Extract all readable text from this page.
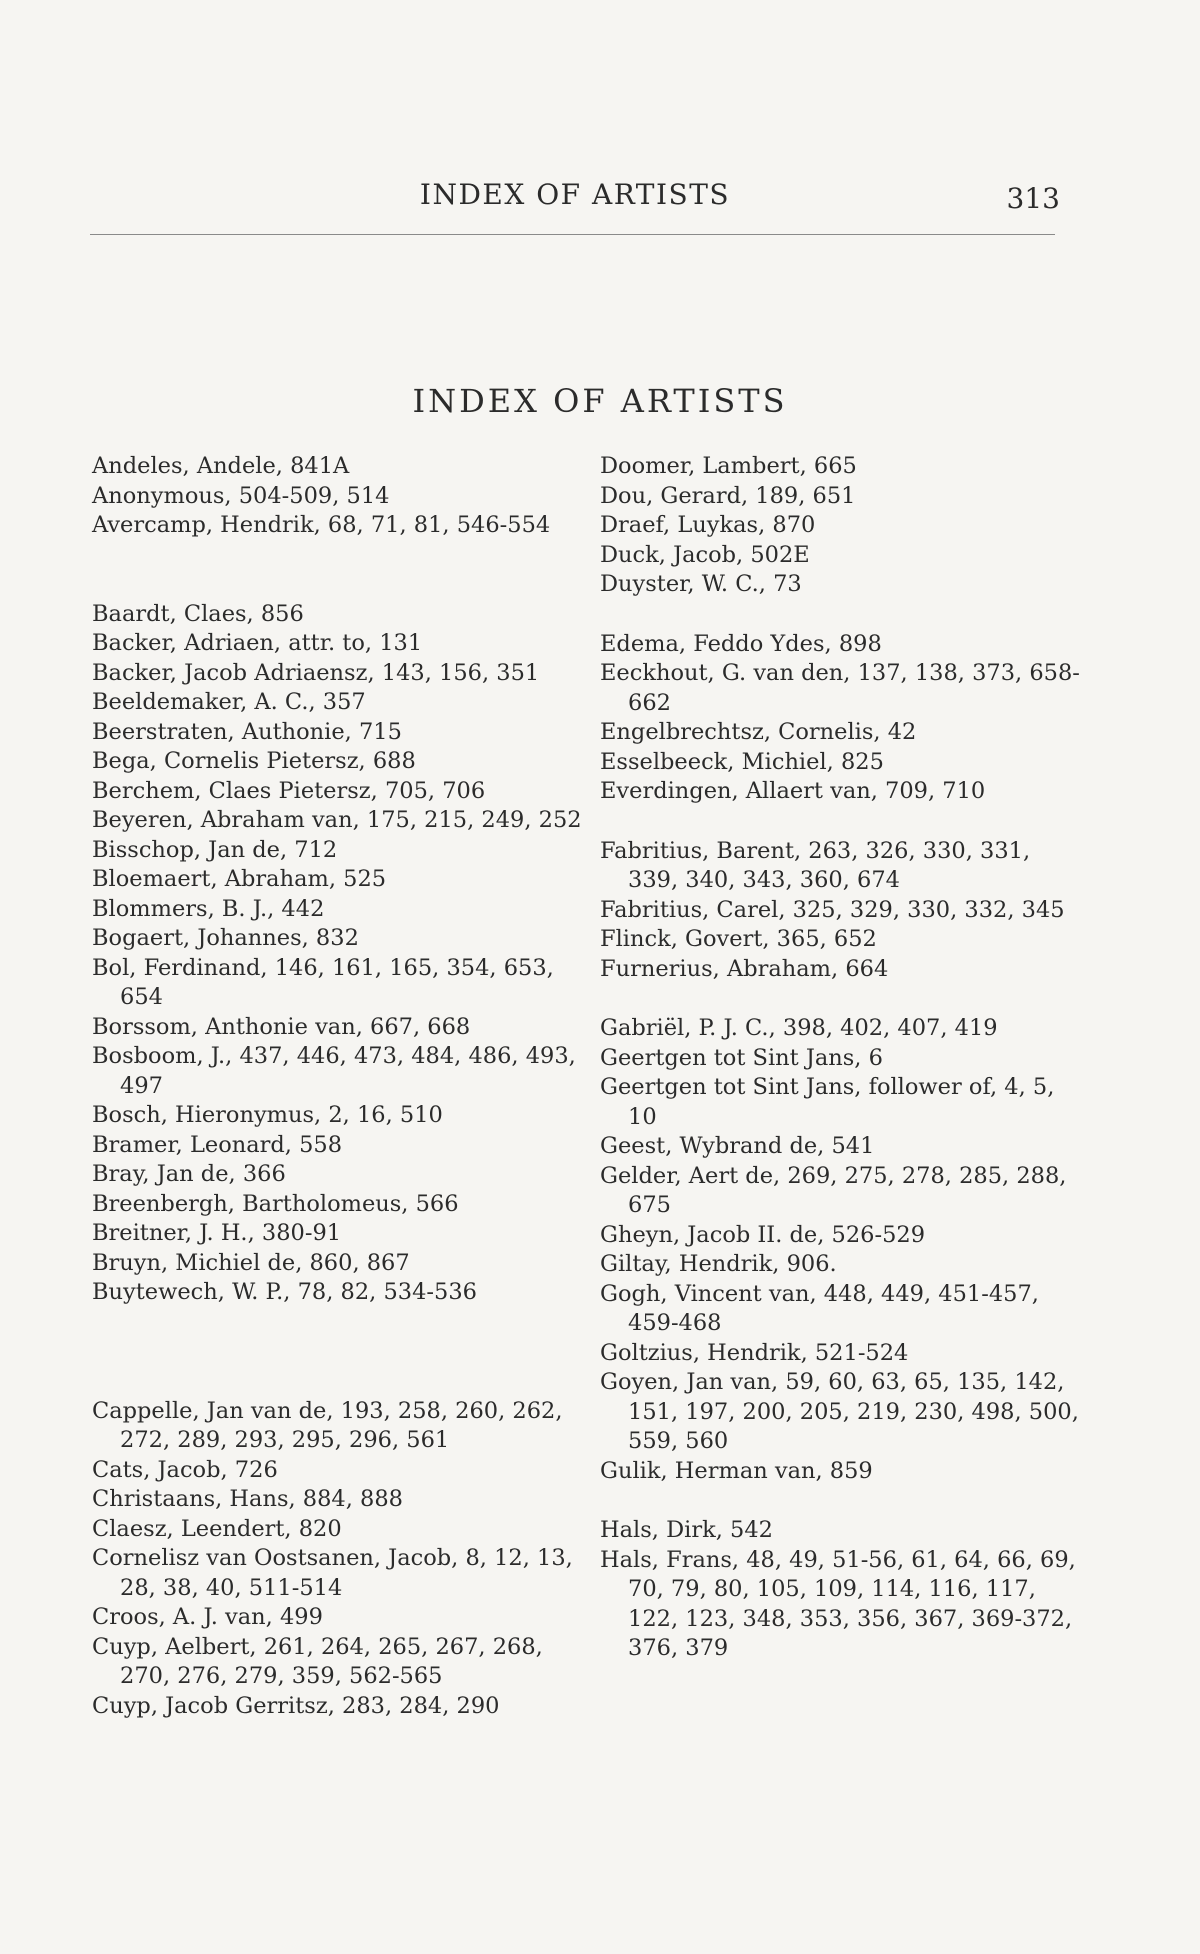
INDEX OF ARTISTS	313
INDEX OF ARTISTS

Andeles, Andele, 841A

Anonymous, 504-509, 514

Avercamp, Hendrik, 68, 71, 81, 546-554

Baardt, Claes, 856

Backer, Adriaen, attr. to, 131

Backer, Jacob Adriaensz, 143, 156, 351

Beeldemaker, A. C., 357

Beerstraten, Authonie, 715

Bega, Cornelis Pietersz, 688

Berchem, Claes Pietersz, 705, 706

Beyeren, Abraham van, 175, 215, 249, 252

Bisschop, Jan de, 712

Bloemaert, Abraham, 525

Blommers, B. J., 442

Bogaert, Johannes, 832

Bol, Ferdinand, 146, 161, 165, 354, 653, 654

Borssom, Anthonie van, 667, 668

Bosboom, J., 437, 446, 473, 484, 486, 493, 497

Bosch, Hieronymus, 2, 16, 510

Bramer, Leonard, 558

Bray, Jan de, 366

Breenbergh, Bartholomeus, 566

Breitner, J. H., 380-91

Bruyn, Michiel de, 860, 867

Buytewech, W. P., 78, 82, 534-536

Cappelle, Jan van de, 193, 258, 260, 262, 272, 289, 293, 295, 296, 561

Cats, Jacob, 726

Christaans, Hans, 884, 888

Claesz, Leendert, 820

Cornelisz van Oostsanen, Jacob, 8, 12, 13, 28, 38, 40, 511-514

Croos, A. J. van, 499

Cuyp, Aelbert, 261, 264, 265, 267, 268, 270, 276, 279, 359, 562-565

Cuyp, Jacob Gerritsz, 283, 284, 290

Doomer, Lambert, 665

Dou, Gerard, 189, 651

Draef, Luykas, 870

Duck, Jacob, 502E

Duyster, W. C., 73

Edema, Feddo Ydes, 898

Eeckhout, G. van den, 137, 138, 373, 658-662

Engelbrechtsz, Cornelis, 42

Esselbeeck, Michiel, 825

Everdingen, Allaert van, 709, 710

Fabritius, Barent, 263, 326, 330, 331, 339, 340, 343, 360, 674

Fabritius, Carel, 325, 329, 330, 332, 345

Flinck, Govert, 365, 652

Furnerius, Abraham, 664

Gabriël, P. J. C., 398, 402, 407, 419

Geertgen tot Sint Jans, 6

Geertgen tot Sint Jans, follower of, 4, 5, 10

Geest, Wybrand de, 541

Gelder, Aert de, 269, 275, 278, 285, 288, 675

Gheyn, Jacob II. de, 526-529

Giltay, Hendrik, 906.

Gogh, Vincent van, 448, 449, 451-457, 459-468

Goltzius, Hendrik, 521-524

Goyen, Jan van, 59, 60, 63, 65, 135, 142, 151, 197, 200, 205, 219, 230, 498, 500, 559, 560

Gulik, Herman van, 859

Hals, Dirk, 542

Hals, Frans, 48, 49, 51-56, 61, 64, 66, 69, 70, 79, 80, 105, 109, 114, 116, 117, 122, 123, 348, 353, 356, 367, 369-372, 376, 379
